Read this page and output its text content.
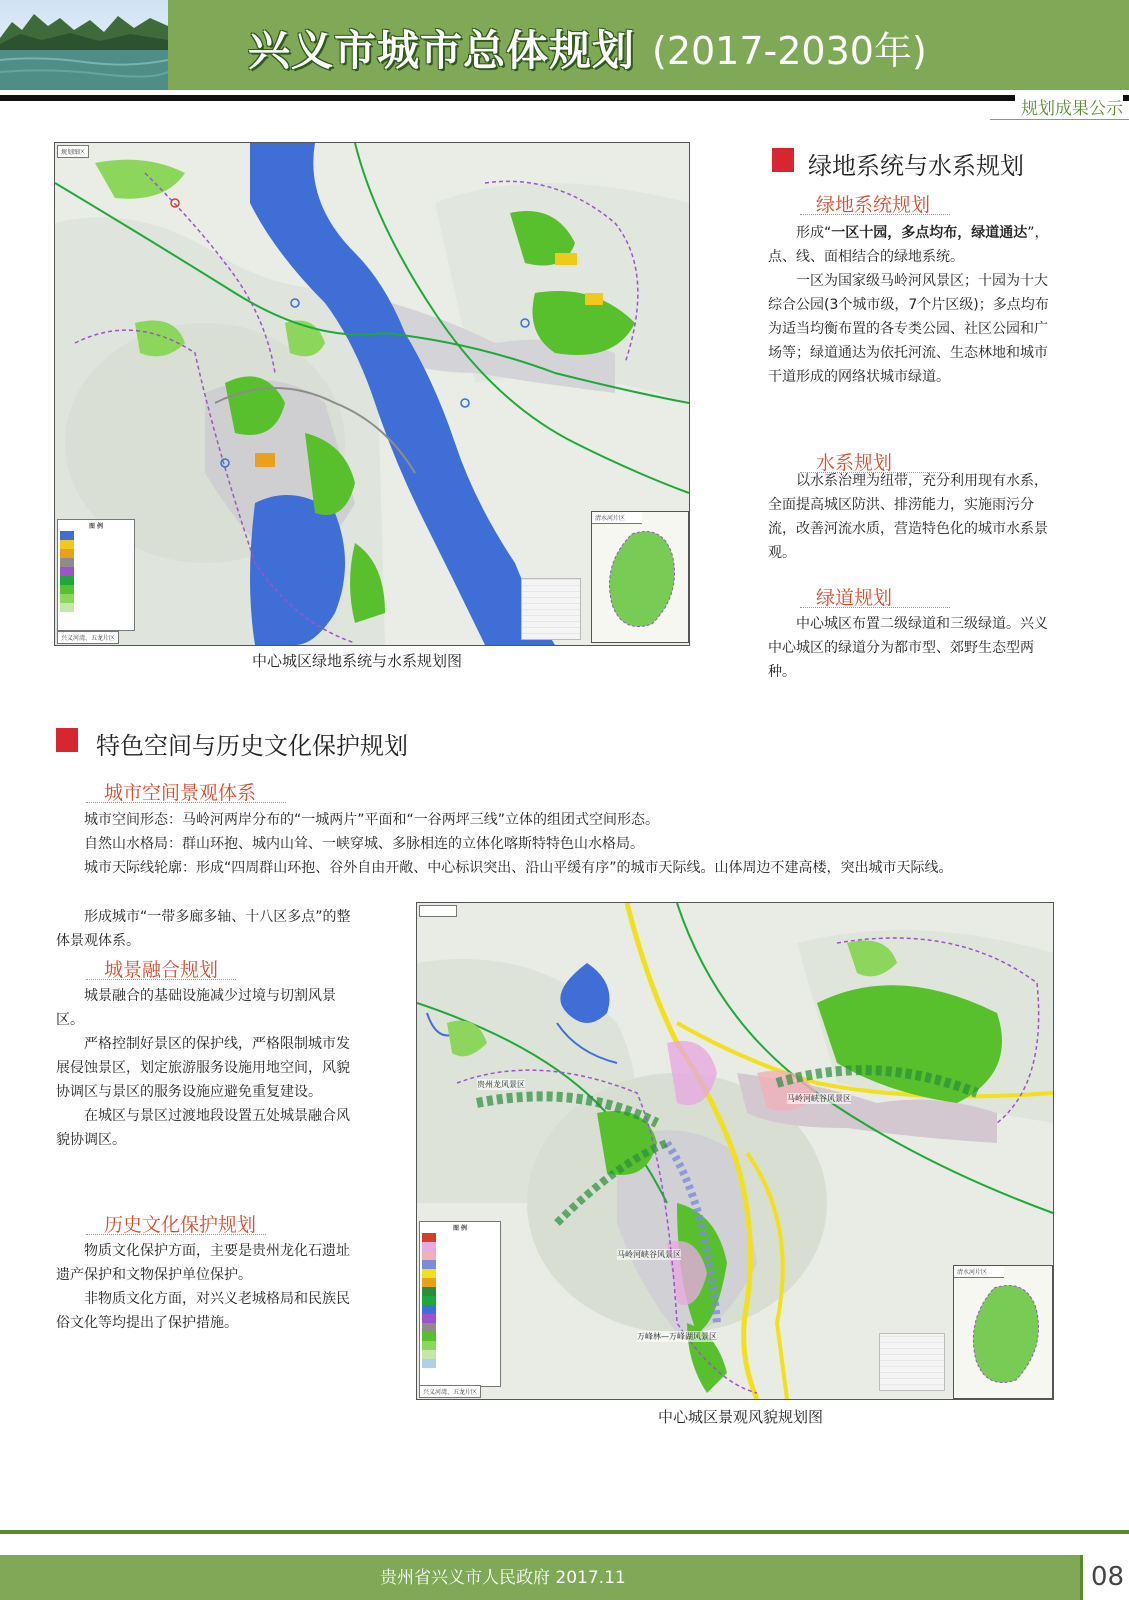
兴义市城市总体规划 (2017-2030年)
规划成果公示
规划图区
图 例
兴义河湾、五龙片区
清水河片区
中心城区绿地系统与水系规划图
绿地系统与水系规划
绿地系统规划

形成“一区十园，多点均布，绿道通达”，点、线、面相结合的绿地系统。

一区为国家级马岭河风景区；十园为十大综合公园(3个城市级，7个片区级)；多点均布为适当均衡布置的各专类公园、社区公园和广场等；绿道通达为依托河流、生态林地和城市干道形成的网络状城市绿道。

水系规划

以水系治理为纽带，充分利用现有水系，全面提高城区防洪、排涝能力，实施雨污分流，改善河流水质，营造特色化的城市水系景观。

绿道规划

中心城区布置二级绿道和三级绿道。兴义中心城区的绿道分为都市型、郊野生态型两种。

特色空间与历史文化保护规划
城市空间景观体系

城市空间形态：马岭河两岸分布的“一城两片”平面和“一谷两坪三线”立体的组团式空间形态。

自然山水格局：群山环抱、城内山耸、一峡穿城、多脉相连的立体化喀斯特特色山水格局。

城市天际线轮廓：形成“四周群山环抱、谷外自由开敞、中心标识突出、沿山平缓有序”的城市天际线。山体周边不建高楼，突出城市天际线。

形成城市“一带多廊多轴、十八区多点”的整体景观体系。

城景融合规划

城景融合的基础设施减少过境与切割风景区。

严格控制好景区的保护线，严格限制城市发展侵蚀景区，划定旅游服务设施用地空间，风貌协调区与景区的服务设施应避免重复建设。

在城区与景区过渡地段设置五处城景融合风貌协调区。

历史文化保护规划

物质文化保护方面，主要是贵州龙化石遗址遗产保护和文物保护单位保护。

非物质文化方面，对兴义老城格局和民族民俗文化等均提出了保护措施。

贵州龙风景区
马岭河峡谷风景区
万峰林—万峰湖风景区
马岭河峡谷风景区
图 例
兴义河湾、五龙片区
清水河片区
中心城区景观风貌规划图
贵州省兴义市人民政府 2017.11	08
